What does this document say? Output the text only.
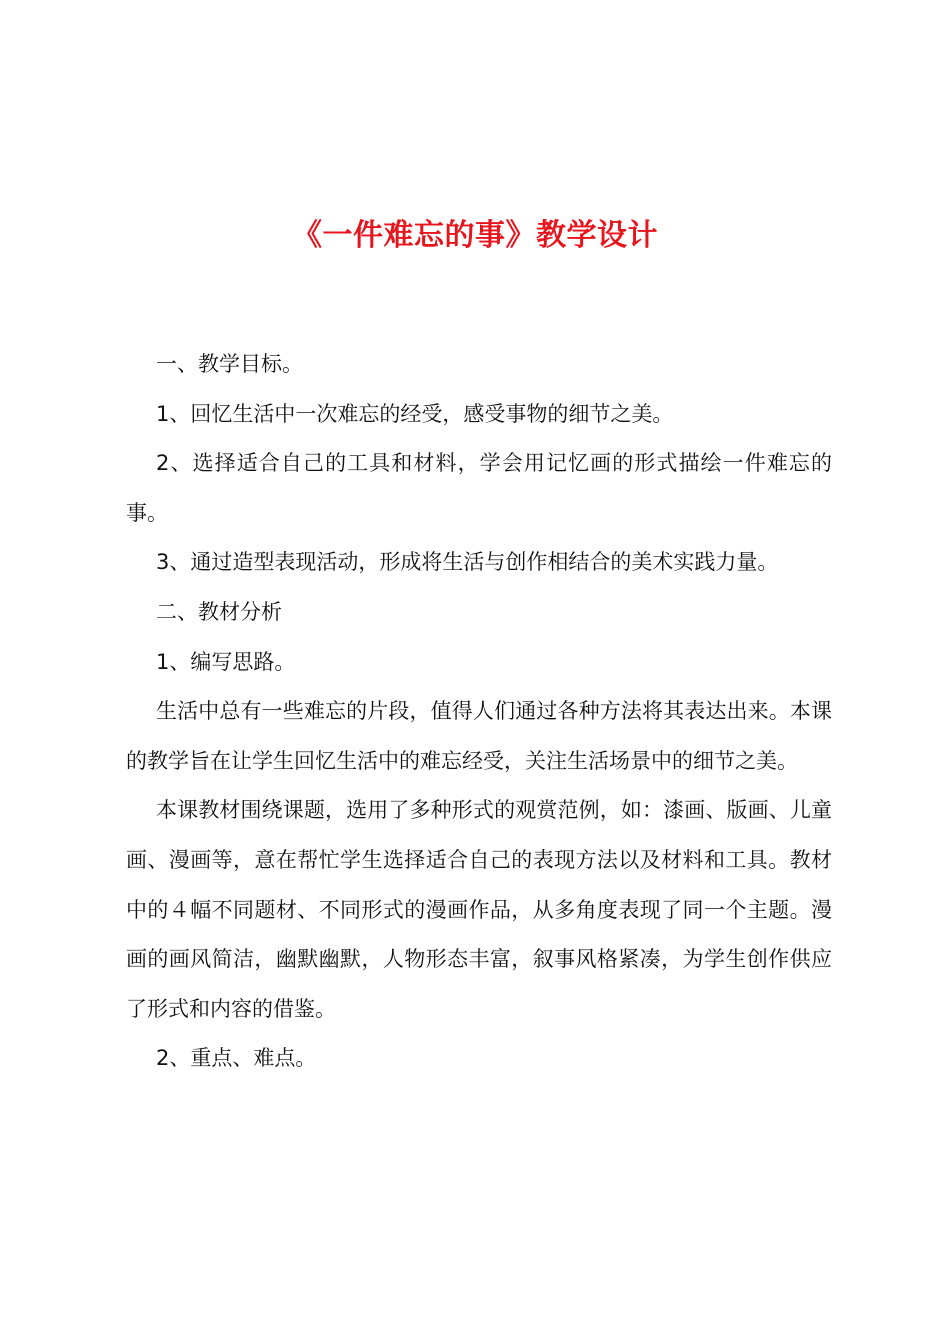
《一件难忘的事》教学设计

一、教学目标。

1、回忆生活中一次难忘的经受，感受事物的细节之美。

2、选择适合自己的工具和材料，学会用记忆画的形式描绘一件难忘的事。

3、通过造型表现活动，形成将生活与创作相结合的美术实践力量。

二、教材分析

1、编写思路。

生活中总有一些难忘的片段，值得人们通过各种方法将其表达出来。本课的教学旨在让学生回忆生活中的难忘经受，关注生活场景中的细节之美。

本课教材围绕课题，选用了多种形式的观赏范例，如：漆画、版画、儿童画、漫画等，意在帮忙学生选择适合自己的表现方法以及材料和工具。教材中的４幅不同题材、不同形式的漫画作品，从多角度表现了同一个主题。漫画的画风简洁，幽默幽默，人物形态丰富，叙事风格紧凑，为学生创作供应了形式和内容的借鉴。

2、重点、难点。
